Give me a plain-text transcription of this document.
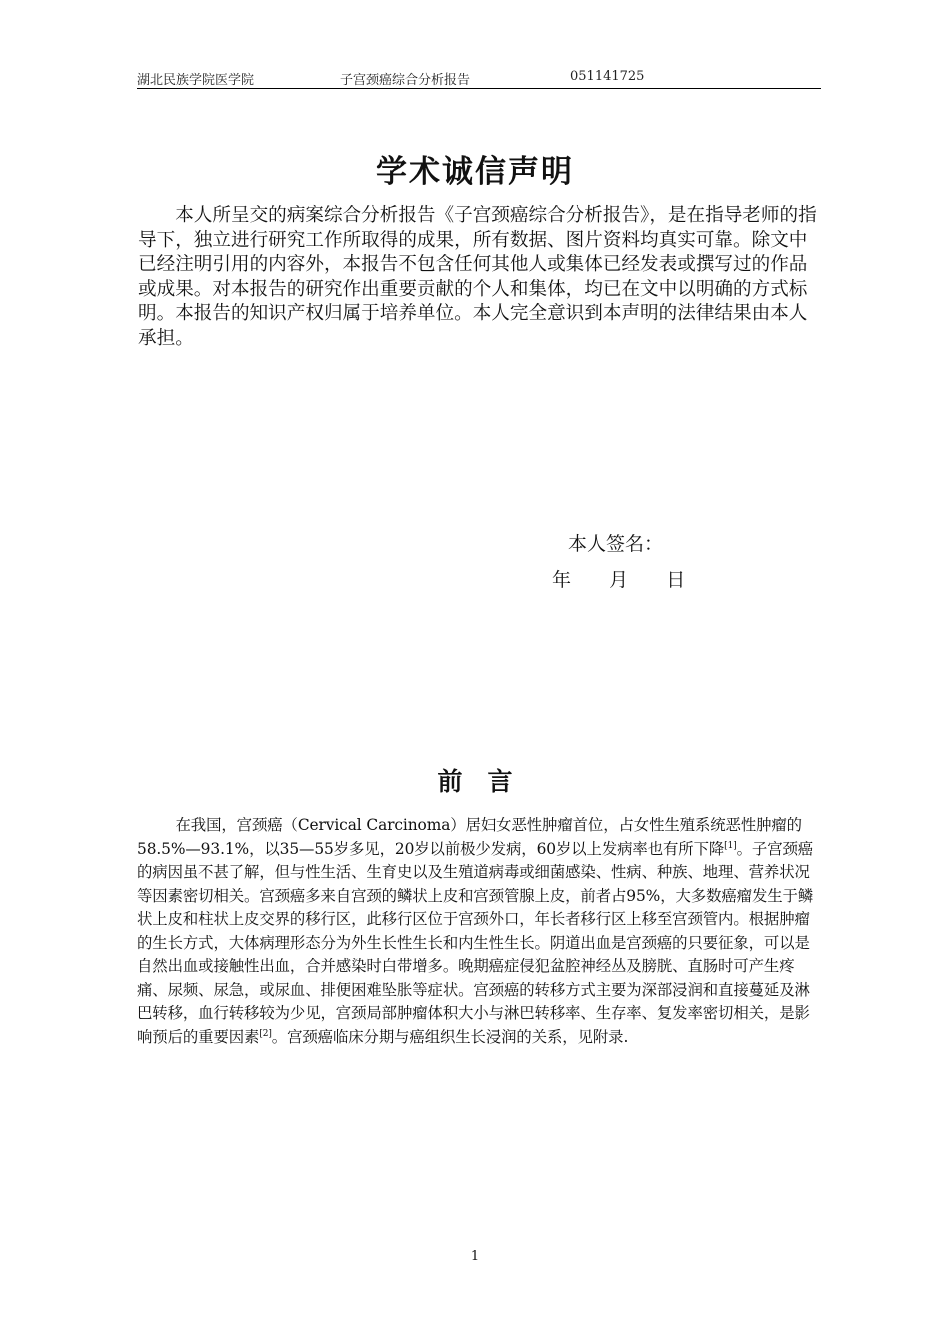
湖北民族学院医学院	子宫颈癌综合分析报告	051141725
学术诚信声明

本人所呈交的病案综合分析报告《子宫颈癌综合分析报告》，是在指导老师的指导下，独立进行研究工作所取得的成果，所有数据、图片资料均真实可靠。除文中已经注明引用的内容外，本报告不包含任何其他人或集体已经发表或撰写过的作品或成果。对本报告的研究作出重要贡献的个人和集体，均已在文中以明确的方式标明。本报告的知识产权归属于培养单位。本人完全意识到本声明的法律结果由本人承担。

本人签名：
年 月 日
前　言

在我国，宫颈癌（Cervical Carcinoma）居妇女恶性肿瘤首位，占女性生殖系统恶性肿瘤的58.5%—93.1%，以35—55岁多见，20岁以前极少发病，60岁以上发病率也有所下降[1]。子宫颈癌的病因虽不甚了解，但与性生活、生育史以及生殖道病毒或细菌感染、性病、种族、地理、营养状况等因素密切相关。宫颈癌多来自宫颈的鳞状上皮和宫颈管腺上皮，前者占95%，大多数癌瘤发生于鳞状上皮和柱状上皮交界的移行区，此移行区位于宫颈外口，年长者移行区上移至宫颈管内。根据肿瘤的生长方式，大体病理形态分为外生长性生长和内生性生长。阴道出血是宫颈癌的只要征象，可以是自然出血或接触性出血，合并感染时白带增多。晚期癌症侵犯盆腔神经丛及膀胱、直肠时可产生疼痛、尿频、尿急，或尿血、排便困难坠胀等症状。宫颈癌的转移方式主要为深部浸润和直接蔓延及淋巴转移，血行转移较为少见，宫颈局部肿瘤体积大小与淋巴转移率、生存率、复发率密切相关，是影响预后的重要因素[2]。宫颈癌临床分期与癌组织生长浸润的关系，见附录.

1
